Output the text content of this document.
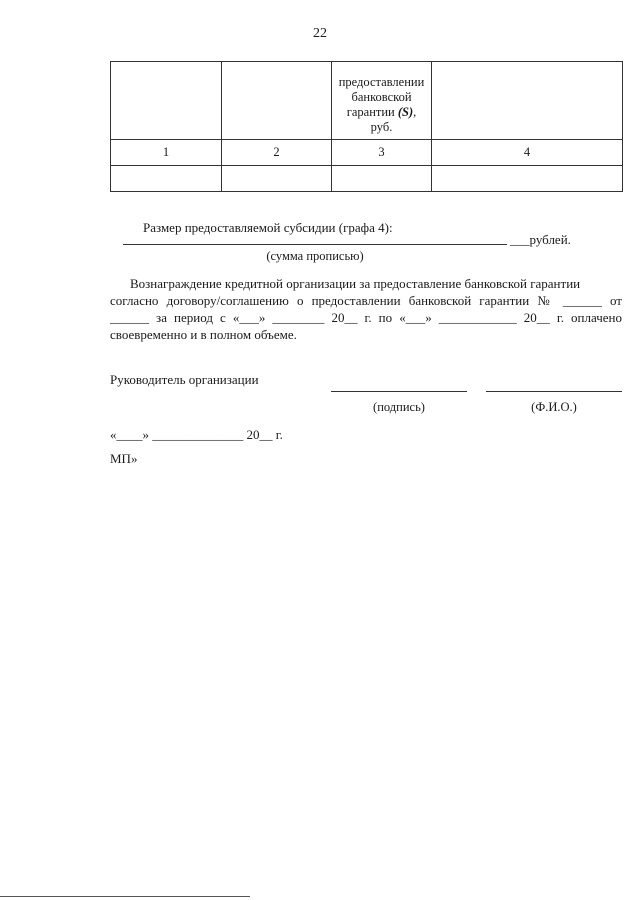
22

		предоставлении
банковской
гарантии (S),
руб.	

1	2	3	4

Размер предоставляемой субсидии (графа 4):
___рублей.
(сумма прописью)
Вознаграждение кредитной организации за предоставление банковской гарантии
согласно договору/соглашению о предоставлении банковской гарантии № ______ от
______ за период с «___» ________ 20__ г. по «___» ____________ 20__ г. оплачено
своевременно и в полном объеме.
Руководитель организации
(подпись)	(Ф.И.О.)
«____» ______________ 20__ г.
МП»
